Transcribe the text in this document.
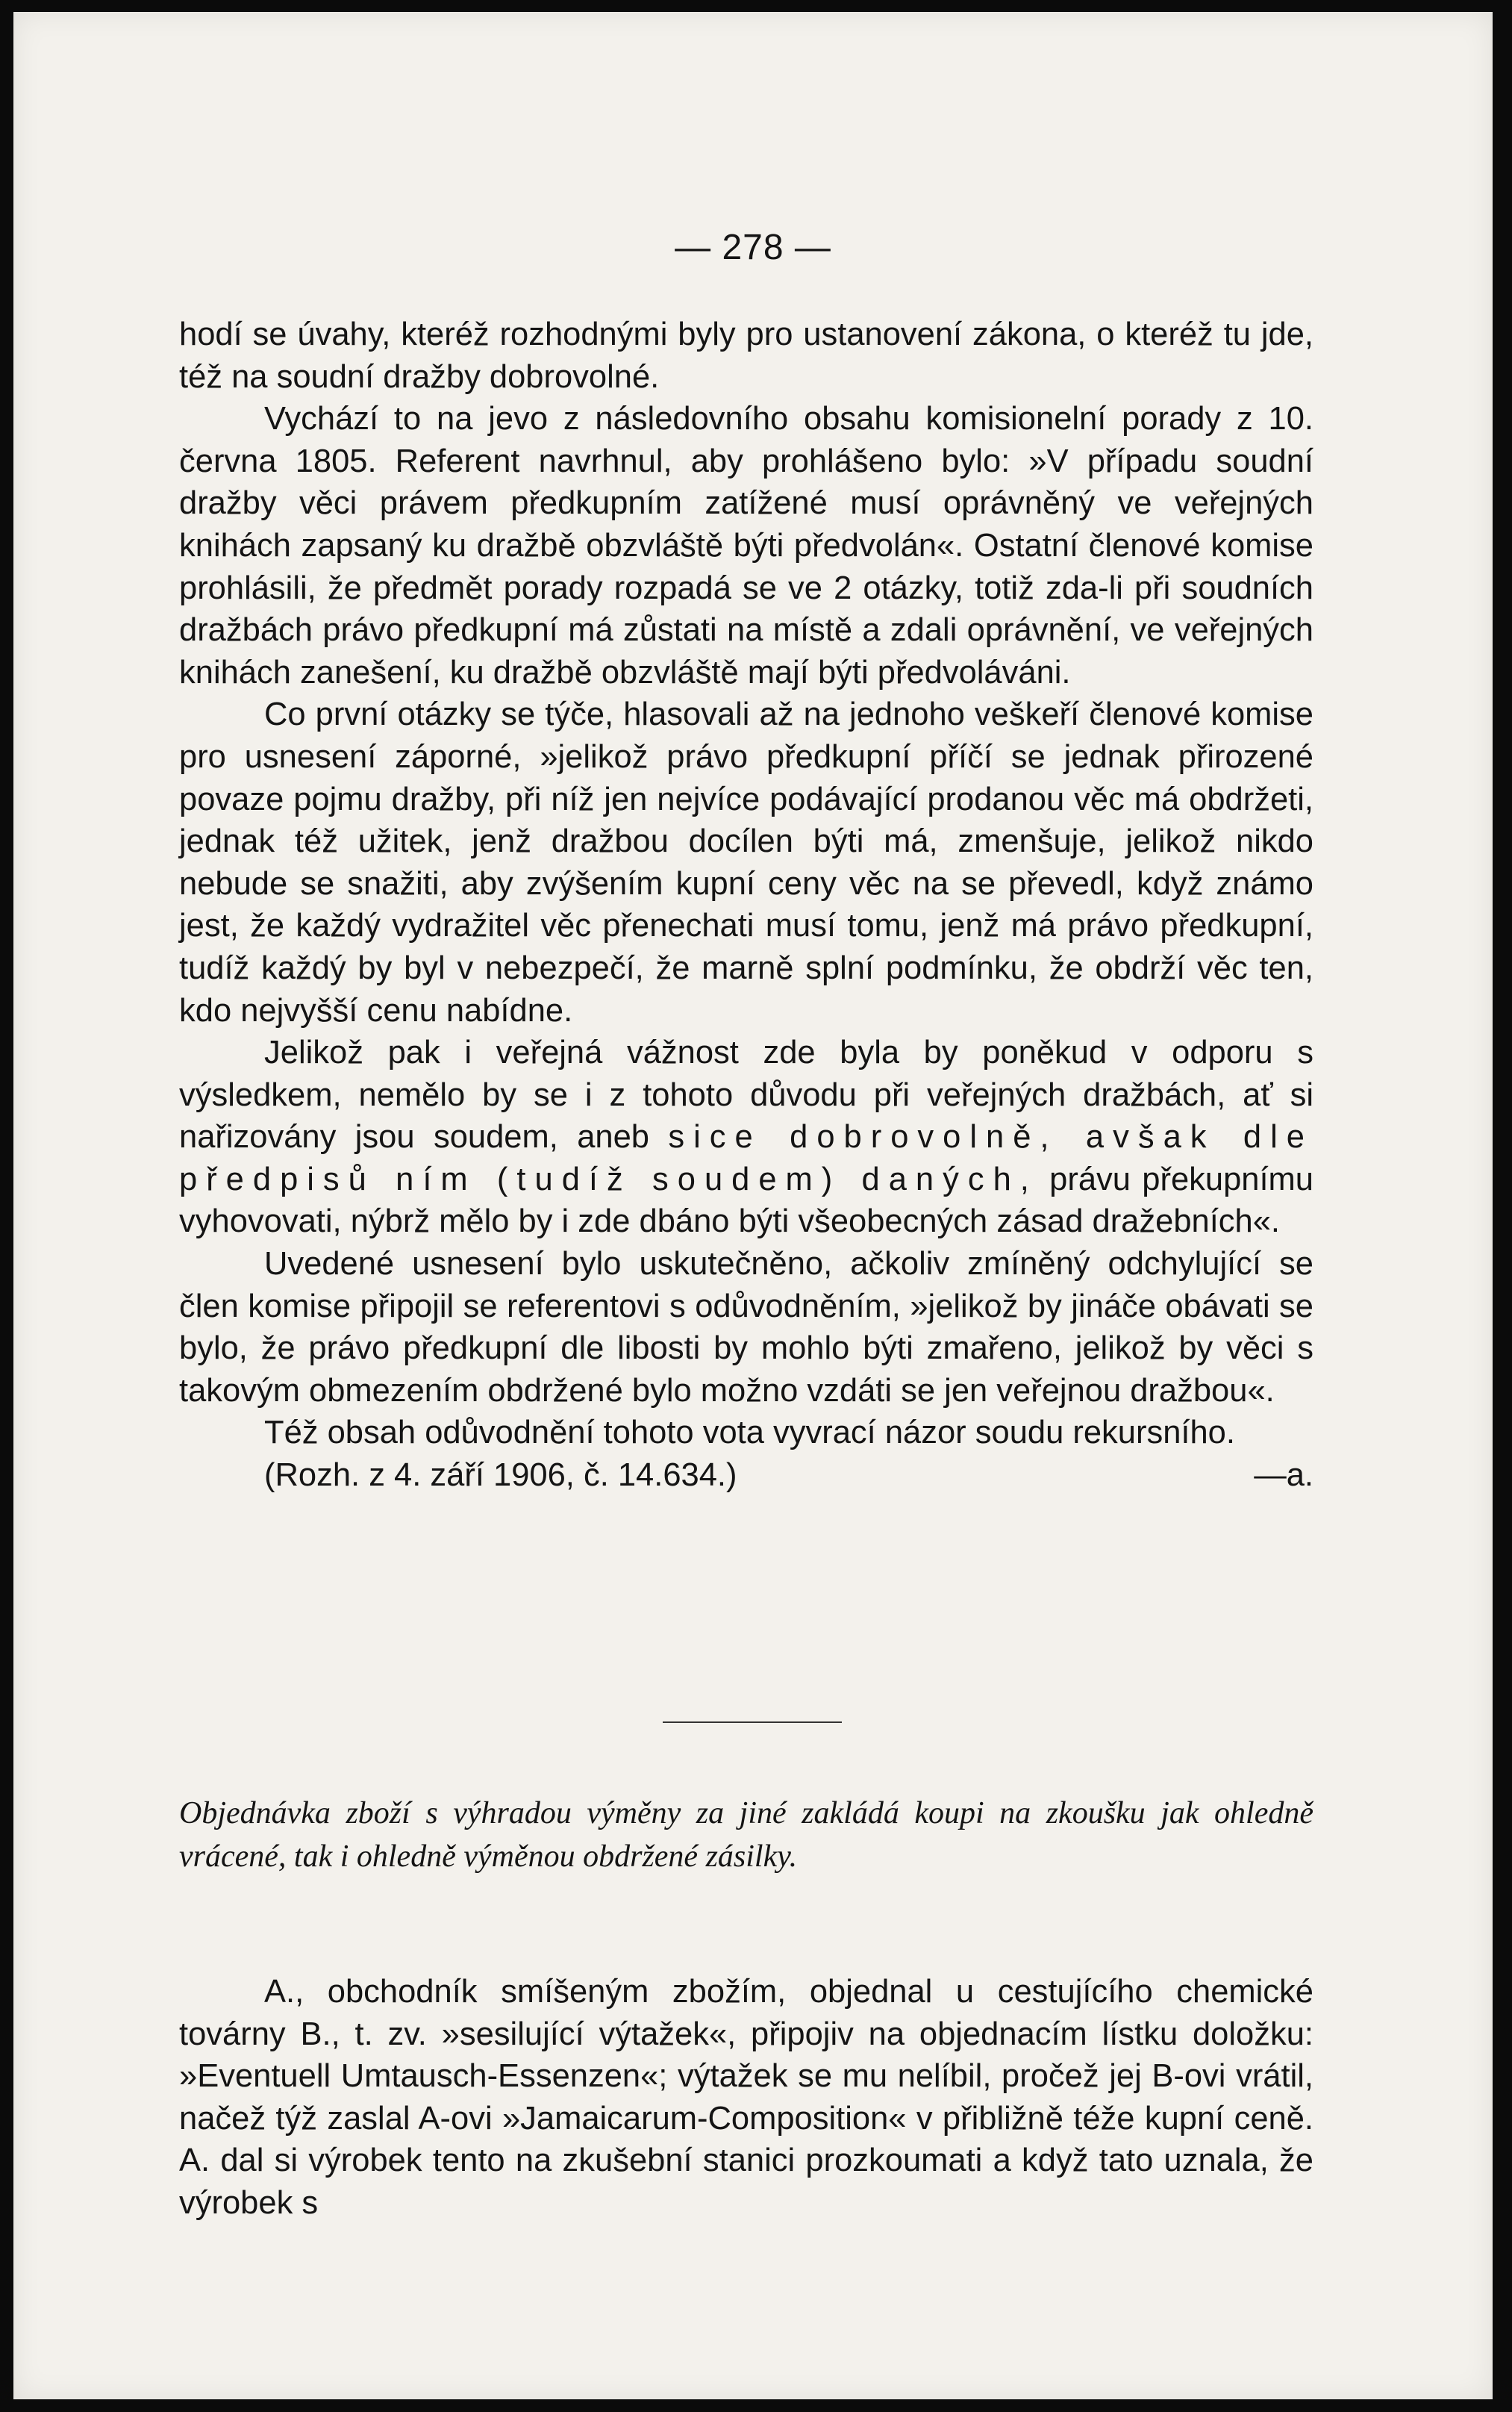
— 278 —

hodí se úvahy, kteréž rozhodnými byly pro ustanovení zákona, o kteréž tu jde, též na soudní dražby dobrovolné.

Vychází to na jevo z následovního obsahu komisionelní porady z 10. června 1805. Referent navrhnul, aby prohlášeno bylo: »V případu soudní dražby věci právem předkupním zatížené musí oprávněný ve veřejných knihách zapsaný ku dražbě obzvláště býti předvolán«. Ostatní členové komise prohlásili, že předmět porady rozpadá se ve 2 otázky, totiž zda-li při soudních dražbách právo předkupní má zůstati na místě a zdali oprávnění, ve veřejných knihách zanešení, ku dražbě obzvláště mají býti předvoláváni.

Co první otázky se týče, hlasovali až na jednoho veškeří členové komise pro usnesení záporné, »jelikož právo předkupní příčí se jednak přirozené povaze pojmu dražby, při níž jen nejvíce podávající prodanou věc má obdržeti, jednak též užitek, jenž dražbou docílen býti má, zmenšuje, jelikož nikdo nebude se snažiti, aby zvýšením kupní ceny věc na se převedl, když známo jest, že každý vydražitel věc přenechati musí tomu, jenž má právo předkupní, tudíž každý by byl v nebezpečí, že marně splní podmínku, že obdrží věc ten, kdo nejvyšší cenu nabídne.

Jelikož pak i veřejná vážnost zde byla by poněkud v odporu s výsledkem, nemělo by se i z tohoto důvodu při veřejných dražbách, ať si nařizovány jsou soudem, aneb sice dobrovolně, avšak dle předpisů ním (tudíž soudem) daných, právu překupnímu vyhovovati, nýbrž mělo by i zde dbáno býti všeobecných zásad dražebních«.

Uvedené usnesení bylo uskutečněno, ačkoliv zmíněný odchylující se člen komise připojil se referentovi s odůvodněním, »jelikož by jináče obávati se bylo, že právo předkupní dle libosti by mohlo býti zmařeno, jelikož by věci s takovým obmezením obdržené bylo možno vzdáti se jen veřejnou dražbou«.

Též obsah odůvodnění tohoto vota vyvrací názor soudu rekursního.

(Rozh. z 4. září 1906, č. 14.634.)	—a.

Objednávka zboží s výhradou výměny za jiné zakládá koupi na zkoušku jak ohledně vrácené, tak i ohledně výměnou obdržené zásilky.

A., obchodník smíšeným zbožím, objednal u cestujícího chemické továrny B., t. zv. »sesilující výtažek«, připojiv na objednacím lístku doložku: »Eventuell Umtausch-Essenzen«; výtažek se mu nelíbil, pročež jej B-ovi vrátil, načež týž zaslal A-ovi »Jamaicarum-Composition« v přibližně téže kupní ceně. A. dal si výrobek tento na zkušební stanici prozkoumati a když tato uznala, že výrobek s
